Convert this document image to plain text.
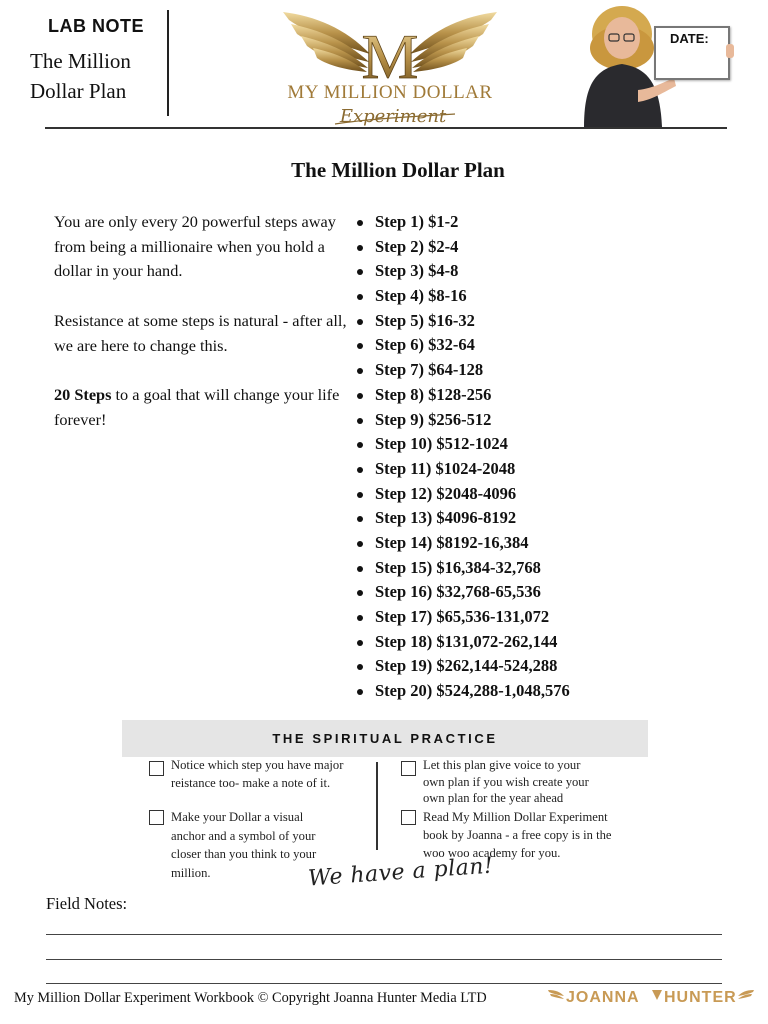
LAB NOTE
The Million Dollar Plan	M
MY MILLION DOLLAR
Experiment
DATE:
The Million Dollar Plan

You are only every 20 powerful steps away from being a millionaire when you hold a dollar in your hand.

Resistance at some steps is natural - after all, we are here to change this.

20 Steps to a goal that will change your life forever!

Step 1) $1-2
Step 2) $2-4
Step 3) $4-8
Step 4) $8-16
Step 5) $16-32
Step 6) $32-64
Step 7) $64-128
Step 8) $128-256
Step 9) $256-512
Step 10) $512-1024
Step 11) $1024-2048
Step 12) $2048-4096
Step 13) $4096-8192
Step 14) $8192-16,384
Step 15) $16,384-32,768
Step 16) $32,768-65,536
Step 17) $65,536-131,072
Step 18) $131,072-262,144
Step 19) $262,144-524,288
Step 20) $524,288-1,048,576
THE SPIRITUAL PRACTICE
Notice which step you have major
reistance too- make a note of it.
Make your Dollar a visual
anchor and a symbol of your
closer than you think to your
million.
Let this plan give voice to your
own plan if you wish create your
own plan for the year ahead
Read My Million Dollar Experiment
book by Joanna - a free copy is in the
woo woo academy for you.
We have a plan!
Field Notes:
My Million Dollar Experiment Workbook © Copyright Joanna Hunter Media LTD	JOANNA HUNTER
